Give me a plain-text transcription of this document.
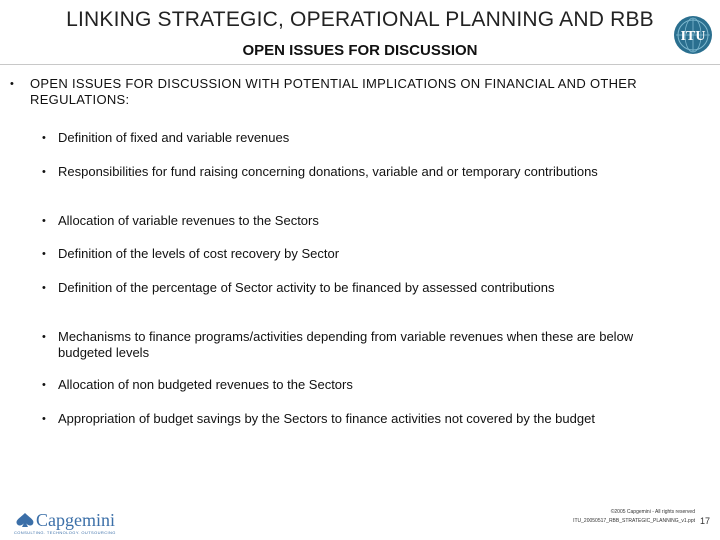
LINKING STRATEGIC, OPERATIONAL PLANNING AND RBB
OPEN ISSUES FOR DISCUSSION
ITU
• OPEN ISSUES FOR DISCUSSION WITH POTENTIAL IMPLICATIONS ON FINANCIAL AND OTHER REGULATIONS:
• Definition of fixed and variable revenues
• Responsibilities for fund raising concerning donations, variable and or temporary contributions
• Allocation of variable revenues to the Sectors
• Definition of the levels of cost recovery by Sector
• Definition of the percentage of Sector activity to be financed by assessed contributions
• Mechanisms to finance programs/activities depending from variable revenues when these are below budgeted levels
• Allocation of non budgeted revenues to the Sectors
• Appropriation of budget savings by the Sectors to finance activities not covered by the budget
Capgemini
CONSULTING. TECHNOLOGY. OUTSOURCING
©2005 Capgemini - All rights reserved
ITU_20050517_RBB_STRATEGIC_PLANNING_v1.ppt 17
